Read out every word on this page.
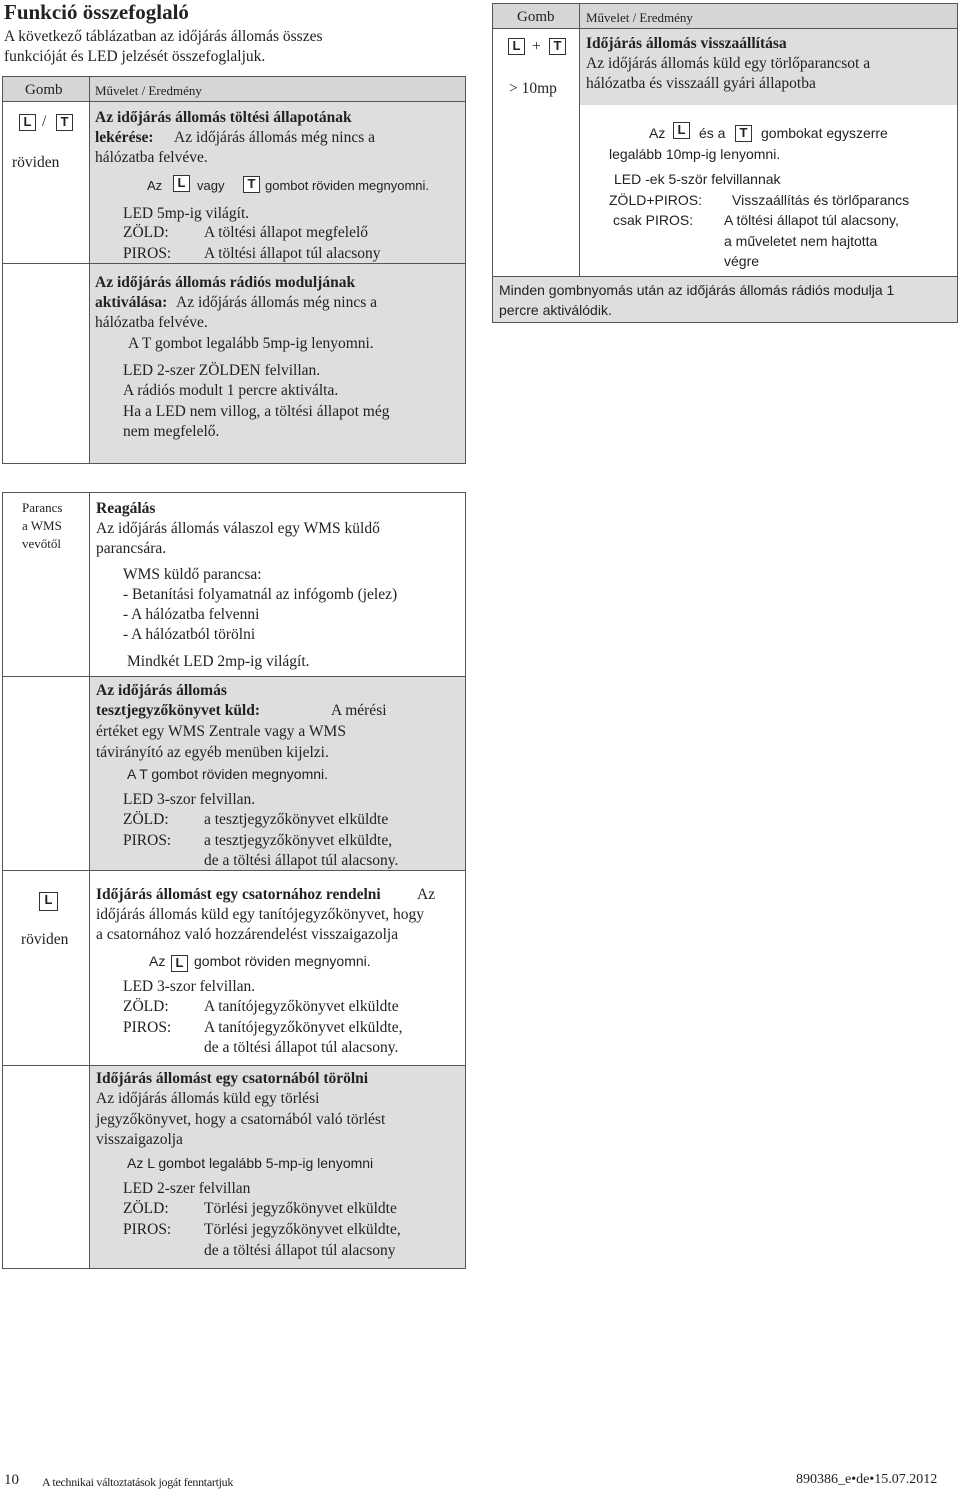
Funkció összefoglaló
A következő táblázatban az időjárás állomás összes
funkcióját és LED jelzését összefoglaljuk.
Gomb	Művelet / Eredmény
L /	T
röviden
Az időjárás állomás töltési állapotának
lekérése: Az időjárás állomás még nincs a
hálózatba felvéve.
Az	L vagy	T gombot röviden megnyomni.
LED 5mp-ig világít.
ZÖLD: A töltési állapot megfelelő
PIROS: A töltési állapot túl alacsony
Az időjárás állomás rádiós moduljának
aktiválása: Az időjárás állomás még nincs a
hálózatba felvéve.
A T gombot legalább 5mp-ig lenyomni.
LED 2-szer ZÖLDEN felvillan.
A rádiós modult 1 percre aktiválta.
Ha a LED nem villog, a töltési állapot még
nem megfelelő.
Gomb Művelet / Eredmény
L + T
> 10mp
Időjárás állomás visszaállítása
Az időjárás állomás küld egy törlőparancsot a
hálózatba és visszaáll gyári állapotba
Az L és a	T gombokat egyszerre
legalább 10mp-ig lenyomni.
LED -ek 5-ször felvillannak
ZÖLD+PIROS: Visszaállítás és törlőparancs
csak PIROS: A töltési állapot túl alacsony,
a műveletet nem hajtotta
végre
Minden gombnyomás után az időjárás állomás rádiós modulja 1
percre aktiválódik.
Parancs
a WMS
vevőtől
Reagálás
Az időjárás állomás válaszol egy WMS küldő
parancsára.
WMS küldő parancsa:
- Betanítási folyamatnál az infógomb (jelez)
- A hálózatba felvenni
- A hálózatból törölni
Mindkét LED 2mp-ig világít.
Az időjárás állomás
tesztjegyzőkönyvet küld:	A mérési
értéket egy WMS Zentrale vagy a WMS
távirányító az egyéb menüben kijelzi.
A T gombot röviden megnyomni.
LED 3-szor felvillan.
ZÖLD: a tesztjegyzőkönyvet elküldte
PIROS: a tesztjegyzőkönyvet elküldte,
de a töltési állapot túl alacsony.
L
röviden
Időjárás állomást egy csatornához rendelni Az
időjárás állomás küld egy tanítójegyzőkönyvet, hogy
a csatornához való hozzárendelést visszaigazolja
Az L gombot röviden megnyomni.
LED 3-szor felvillan.
ZÖLD: A tanítójegyzőkönyvet elküldte
PIROS: A tanítójegyzőkönyvet elküldte,
de a töltési állapot túl alacsony.
Időjárás állomást egy csatornából törölni
Az időjárás állomás küld egy törlési
jegyzőkönyvet, hogy a csatornából való törlést
visszaigazolja
Az L gombot legalább 5-mp-ig lenyomni
LED 2-szer felvillan
ZÖLD: Törlési jegyzőkönyvet elküldte
PIROS: Törlési jegyzőkönyvet elküldte,
de a töltési állapot túl alacsony
10 A technikai változtatások jogát fenntartjuk	890386_e•de•15.07.2012
